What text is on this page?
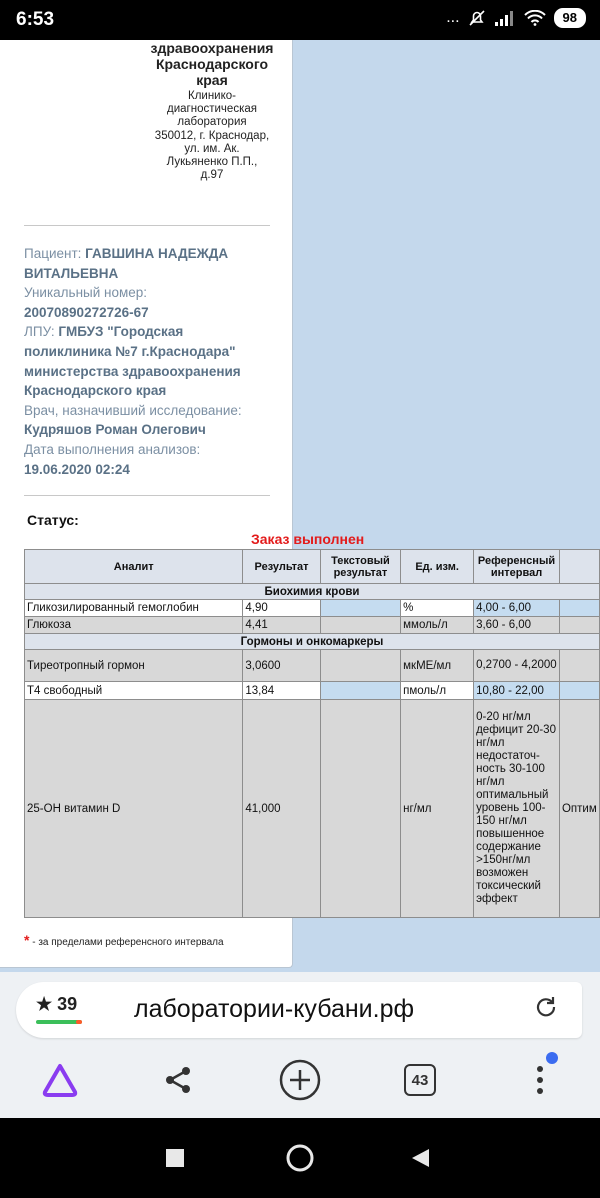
6:53	...	98
здравоохранения
Краснодарского
края
Клинико-
диагностическая
лаборатория
350012, г. Краснодар,
ул. им. Ак.
Лукьяненко П.П.,
д.97
Пациент: ГАВШИНА НАДЕЖДА
ВИТАЛЬЕВНА
Уникальный номер:
20070890272726-67
ЛПУ: ГМБУЗ "Городская
поликлиника №7 г.Краснодара"
министерства здравоохранения
Краснодарского края
Врач, назначивший исследование:
Кудряшов Роман Олегович
Дата выполнения анализов:
19.06.2020 02:24
Статус:
* - за пределами референсного интервала
Заказ выполнен
Аналит	Результат	Текстовый результат	Ед. изм.	Референсный интервал	
Биохимия крови					
Гликозилированный гемоглобин	4,90		%	4,00 - 6,00	
Глюкоза	4,41		ммоль/л	3,60 - 6,00	
Гормоны и онкомаркеры					
Тиреотропный гормон	3,0600		мкМЕ/мл	0,2700 - 4,2000	
Т4 свободный	13,84		пмоль/л	10,80 - 22,00	
25-OH витамин D	41,000		нг/мл	0-20 нг/мл дефицит 20-30 нг/мл недостаточ-ность 30-100 нг/мл оптимальный уровень 100-150 нг/мл повышенное содержание >150нг/мл возможен токсический эффект	Оптим
★ 39 лаборатории-кубани.рф
43
